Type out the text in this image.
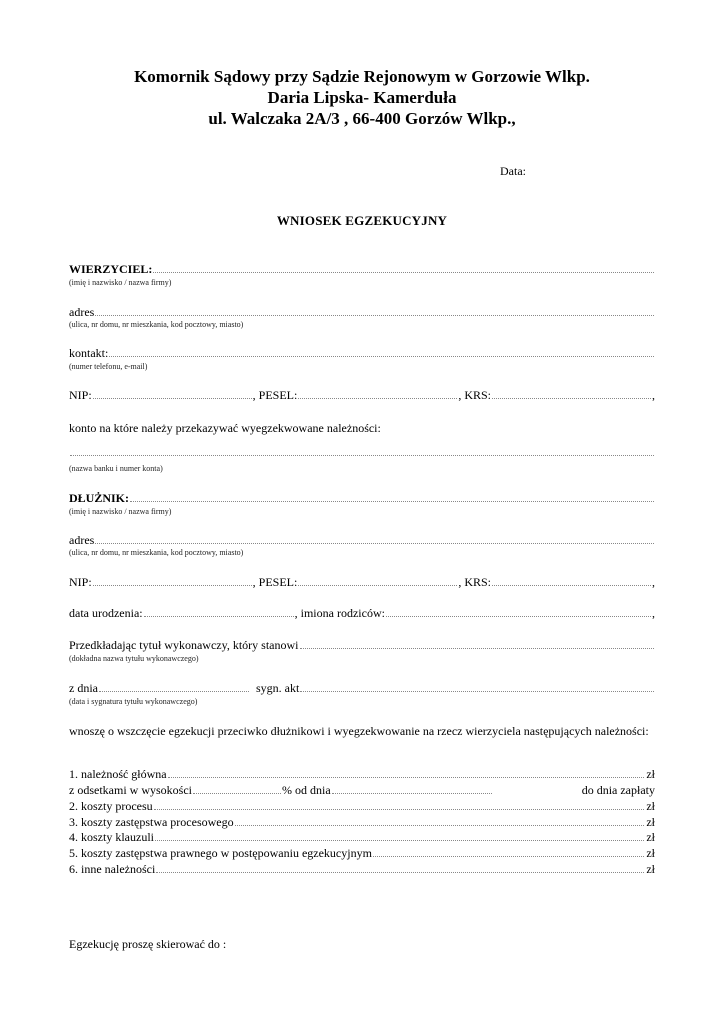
Komornik Sądowy przy Sądzie Rejonowym w Gorzowie Wlkp.
Daria Lipska- Kamerduła
ul. Walczaka 2A/3 , 66-400 Gorzów Wlkp.,
Data:
WNIOSEK EGZEKUCYJNY
WIERZYCIEL:
(imię i nazwisko / nazwa firmy)
adres
(ulica, nr domu, nr mieszkania, kod pocztowy, miasto)
kontakt:
(numer telefonu, e-mail)
NIP:	, PESEL:	, KRS:	,
konto na które należy przekazywać wyegzekwowane należności:
(nazwa banku i numer konta)
DŁUŻNIK:
(imię i nazwisko / nazwa firmy)
adres
(ulica, nr domu, nr mieszkania, kod pocztowy, miasto)
NIP:	, PESEL:	, KRS:	,
data urodzenia:	, imiona rodziców:	,
Przedkładając tytuł wykonawczy, który stanowi
(dokładna nazwa tytułu wykonawczego)
z dnia	sygn. akt
(data i sygnatura tytułu wykonawczego)
wnoszę o wszczęcie egzekucji przeciwko dłużnikowi i wyegzekwowanie na rzecz wierzyciela następujących należności:
1. należność główna	zł
z odsetkami w wysokości	% od dnia	do dnia zapłaty
2. koszty procesu	zł
3. koszty zastępstwa procesowego	zł
4. koszty klauzuli	zł
5. koszty zastępstwa prawnego w postępowaniu egzekucyjnym	zł
6. inne należności	zł
Egzekucję proszę skierować do :
